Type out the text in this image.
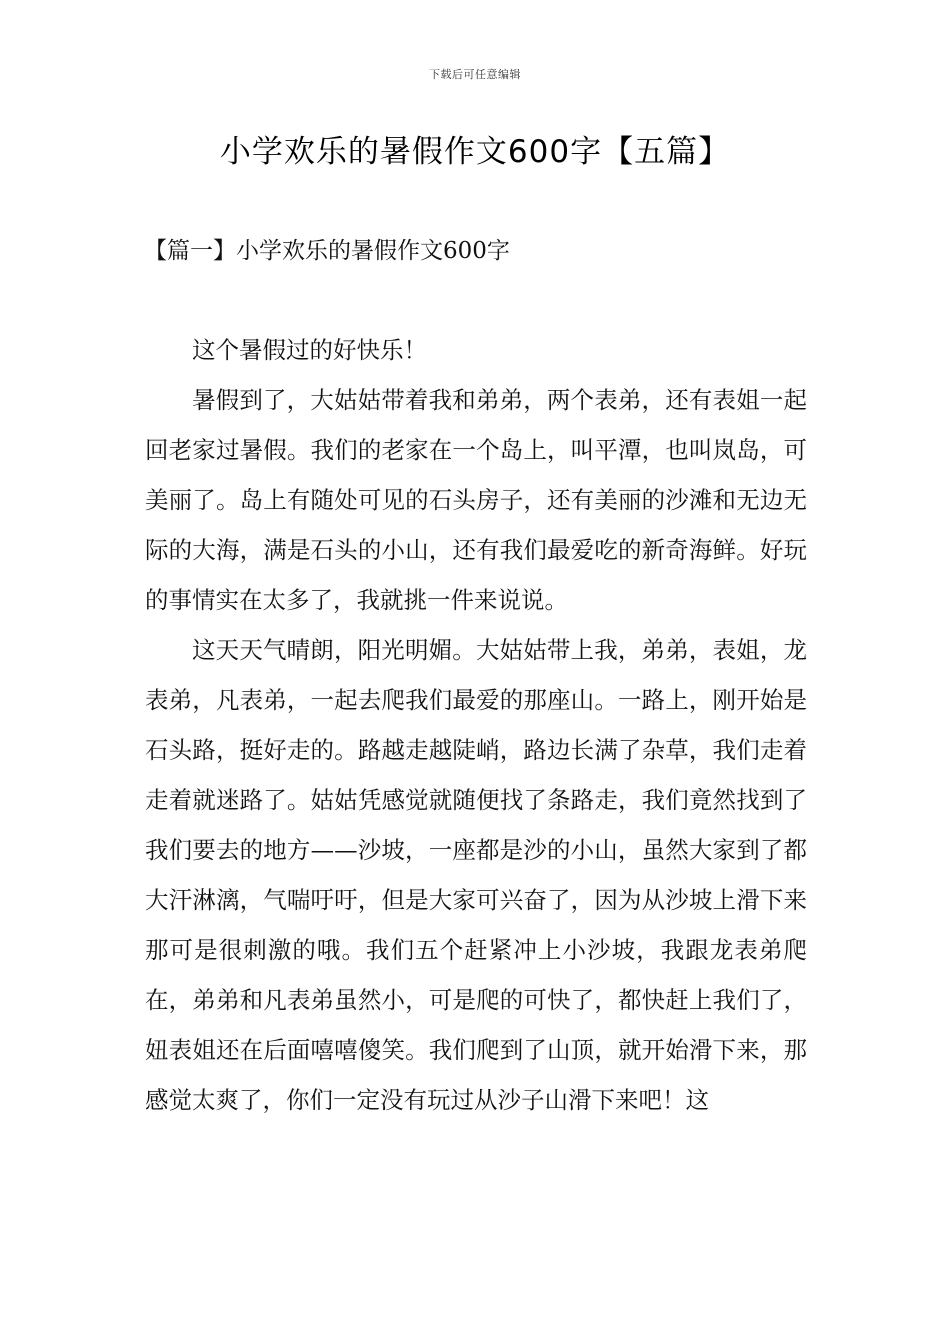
下载后可任意编辑
小学欢乐的暑假作文600字【五篇】
【篇一】小学欢乐的暑假作文600字

这个暑假过的好快乐！

暑假到了，大姑姑带着我和弟弟，两个表弟，还有表姐一起回老家过暑假。我们的老家在一个岛上，叫平潭，也叫岚岛，可美丽了。岛上有随处可见的石头房子，还有美丽的沙滩和无边无际的大海，满是石头的小山，还有我们最爱吃的新奇海鲜。好玩的事情实在太多了，我就挑一件来说说。

这天天气晴朗，阳光明媚。大姑姑带上我，弟弟，表姐，龙表弟，凡表弟，一起去爬我们最爱的那座山。一路上，刚开始是石头路，挺好走的。路越走越陡峭，路边长满了杂草，我们走着走着就迷路了。姑姑凭感觉就随便找了条路走，我们竟然找到了我们要去的地方——沙坡，一座都是沙的小山，虽然大家到了都大汗淋漓，气喘吁吁，但是大家可兴奋了，因为从沙坡上滑下来那可是很刺激的哦。我们五个赶紧冲上小沙坡，我跟龙表弟爬在，弟弟和凡表弟虽然小，可是爬的可快了，都快赶上我们了，妞表姐还在后面嘻嘻傻笑。我们爬到了山顶，就开始滑下来，那感觉太爽了，你们一定没有玩过从沙子山滑下来吧！这
